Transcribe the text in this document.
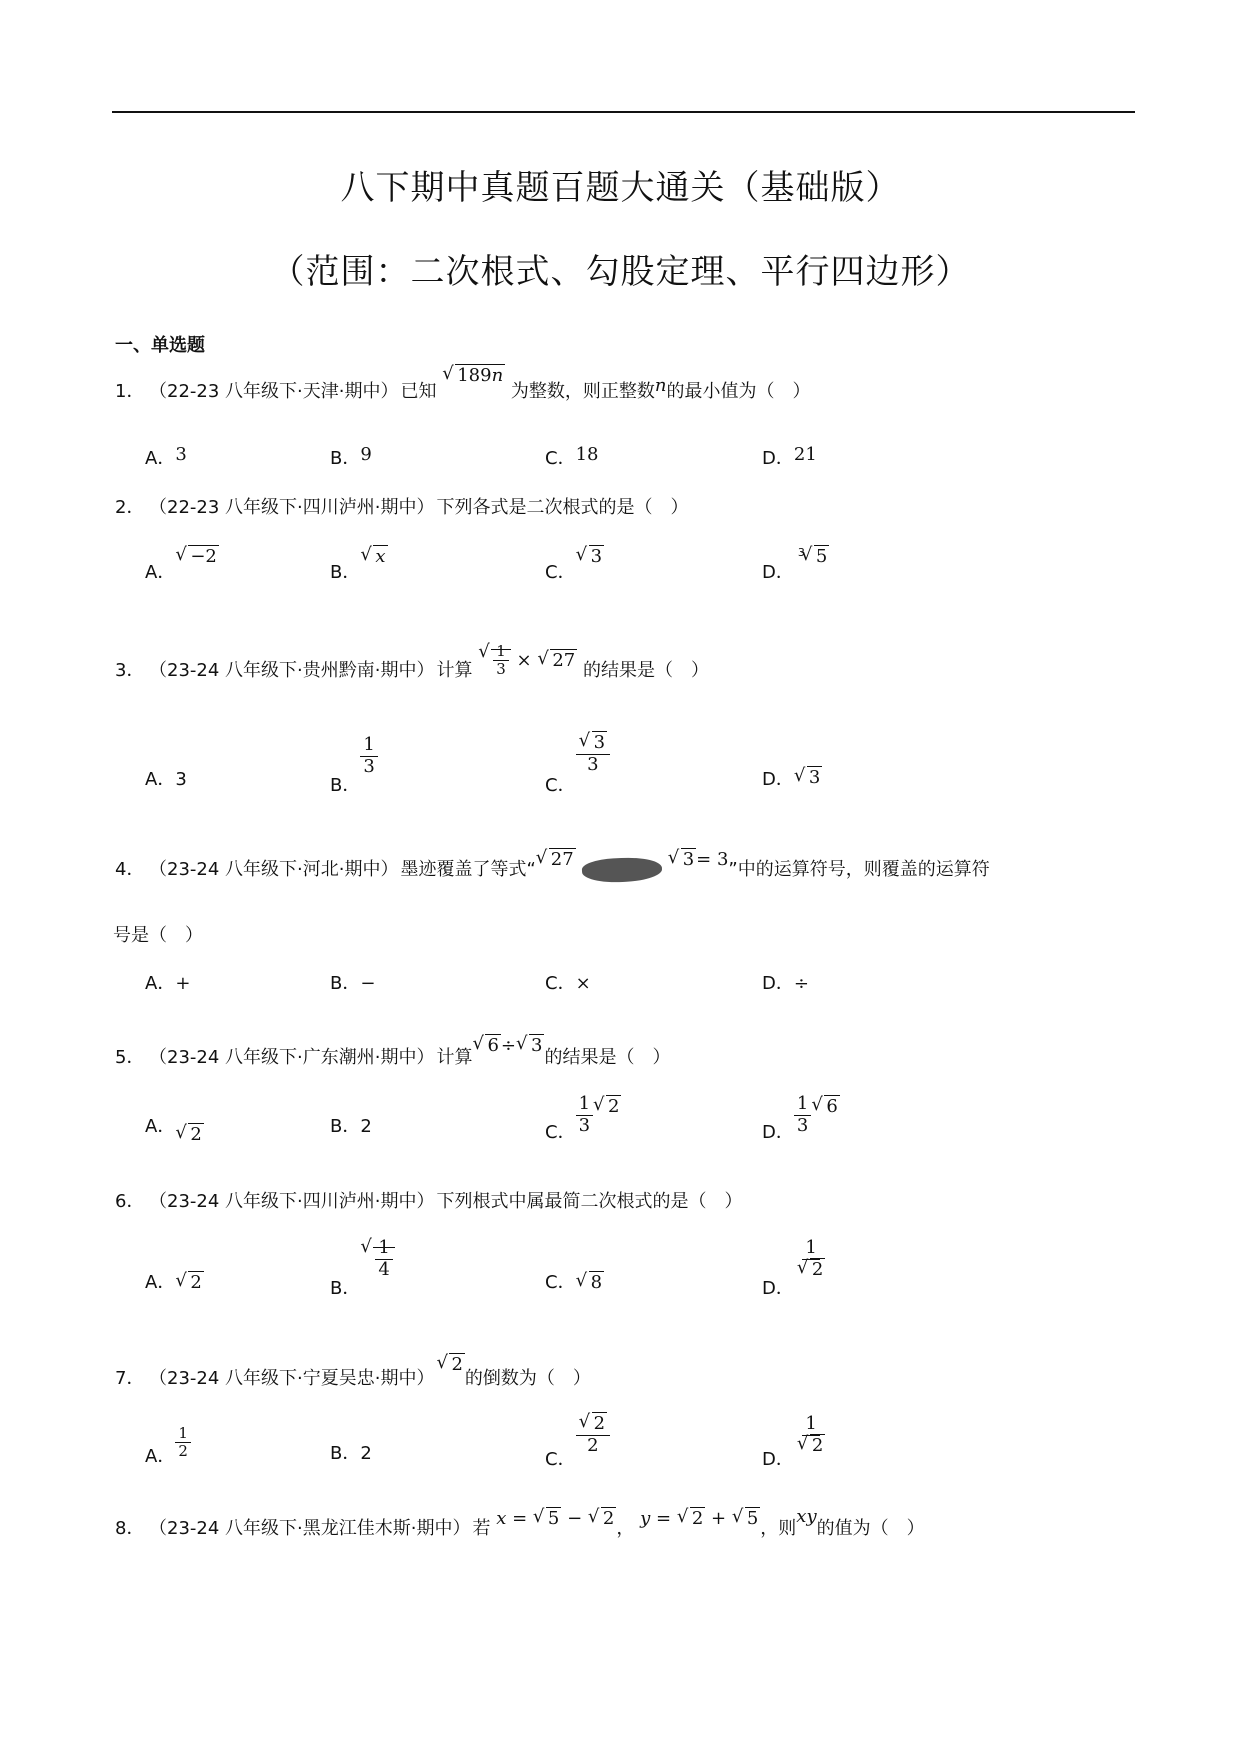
八下期中真题百题大通关（基础版）
（范围：二次根式、勾股定理、平行四边形）
一、单选题
1． （22-23 八年级下·天津·期中） 已知 √ 189n 为整数，则正整数n的最小值为（　）
A．3	B．9	C．18	D．21
2． （22-23 八年级下·四川泸州·期中） 下列各式是二次根式的是（　）
A．√ −2
B．√ x
C．√ 3
D．$^3$ √ 5
3． （23-24 八年级下·贵州黔南·期中） 计算 √ $\frac{1}{3}$ × √ 27 的结果是（　）
A．3	B．
$\frac{1}{3}$
C．
√ $\frac{3}{3}$
D． √ 3
4． （23-24 八年级下·河北·期中） 墨迹覆盖了等式“ √ 27	√ 3 = 3”中的运算符号，则覆盖的运算符
号是（　）
A．+	B．−	C．×	D．÷
5． （23-24 八年级下·广东潮州·期中） 计算√ 6 ÷ √ 3的结果是（　）
A． √ 2	B．2	C． $\frac{1}{3}$ √ 2
D． $\frac{1}{3}$ √ 6
6． （23-24 八年级下·四川泸州·期中） 下列根式中属最简二次根式的是（　）
A． √ 2	B．
√ $\frac{1}{4}$
C． √ 8	D．
1
√ 2
7． （23-24 八年级下·宁夏吴忠·期中）√ 2的倒数为（　）
A． $\frac{1}{2}$	B．2	C．
√ $\frac{2}{2}$
D．
1
√ 2
8． （23-24 八年级下·黑龙江佳木斯·期中） 若 x = √ 5 − √ 2 ， y = √ 2 + √ 5 ，则xy的值为（　）
